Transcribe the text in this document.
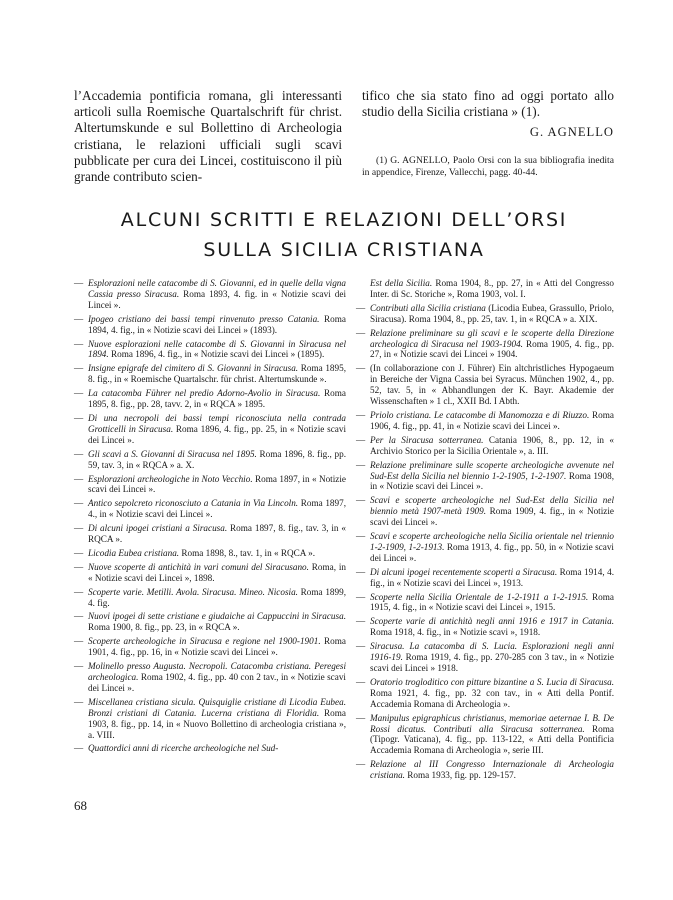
l’Accademia pontificia romana, gli interessanti articoli sulla Roemische Quartalschrift für christ. Altertumskunde e sul Bollettino di Archeologia cristiana, le relazioni ufficiali sugli scavi pubblicate per cura dei Lincei, costituiscono il più grande contributo scien-

tifico che sia stato fino ad oggi portato allo studio della Sicilia cristiana » (1).

G. AGNELLO

(1) G. AGNELLO, Paolo Orsi con la sua bibliografia inedita in appendice, Firenze, Vallecchi, pagg. 40-44.

ALCUNI SCRITTI E RELAZIONI DELL’ORSI
SULLA SICILIA CRISTIANA

— Esplorazioni nelle catacombe di S. Giovanni, ed in quelle della vigna Cassia presso Siracusa. Roma 1893, 4. fig. in « Notizie scavi dei Lincei ».

— Ipogeo cristiano dei bassi tempi rinvenuto presso Catania. Roma 1894, 4. fig., in « Notizie scavi dei Lincei » (1893).

— Nuove esplorazioni nelle catacombe di S. Giovanni in Siracusa nel 1894. Roma 1896, 4. fig., in « Notizie scavi dei Lincei » (1895).

— Insigne epigrafe del cimitero di S. Giovanni in Siracusa. Roma 1895, 8. fig., in « Roemische Quartalschr. für christ. Altertumskunde ».

— La catacomba Führer nel predio Adorno-Avolio in Siracusa. Roma 1895, 8. fig., pp. 28, tavv. 2, in « RQCA » 1895.

— Di una necropoli dei bassi tempi riconosciuta nella contrada Grotticelli in Siracusa. Roma 1896, 4. fig., pp. 25, in « Notizie scavi dei Lincei ».

— Gli scavi a S. Giovanni di Siracusa nel 1895. Roma 1896, 8. fig., pp. 59, tav. 3, in « RQCA » a. X.

— Esplorazioni archeologiche in Noto Vecchio. Roma 1897, in « Notizie scavi dei Lincei ».

— Antico sepolcreto riconosciuto a Catania in Via Lincoln. Roma 1897, 4., in « Notizie scavi dei Lincei ».

— Di alcuni ipogei cristiani a Siracusa. Roma 1897, 8. fig., tav. 3, in « RQCA ».

— Licodia Eubea cristiana. Roma 1898, 8., tav. 1, in « RQCA ».

— Nuove scoperte di antichità in vari comuni del Siracusano. Roma, in « Notizie scavi dei Lincei », 1898.

— Scoperte varie. Metilli. Avola. Siracusa. Mineo. Nicosia. Roma 1899, 4. fig.

— Nuovi ipogei di sette cristiane e giudaiche ai Cappuccini in Siracusa. Roma 1900, 8. fig., pp. 23, in « RQCA ».

— Scoperte archeologiche in Siracusa e regione nel 1900-1901. Roma 1901, 4. fig., pp. 16, in « Notizie scavi dei Lincei ».

— Molinello presso Augusta. Necropoli. Catacomba cristiana. Peregesi archeologica. Roma 1902, 4. fig., pp. 40 con 2 tav., in « Notizie scavi dei Lincei ».

— Miscellanea cristiana sicula. Quisquiglie cristiane di Licodia Eubea. Bronzi cristiani di Catania. Lucerna cristiana di Floridia. Roma 1903, 8. fig., pp. 14, in « Nuovo Bollettino di archeologia cristiana », a. VIII.

— Quattordici anni di ricerche archeologiche nel Sud-

Est della Sicilia. Roma 1904, 8., pp. 27, in « Atti del Congresso Inter. di Sc. Storiche », Roma 1903, vol. I.

— Contributi alla Sicilia cristiana (Licodia Eubea, Grassullo, Priolo, Siracusa). Roma 1904, 8., pp. 25, tav. 1, in « RQCA » a. XIX.

— Relazione preliminare su gli scavi e le scoperte della Direzione archeologica di Siracusa nel 1903-1904. Roma 1905, 4. fig., pp. 27, in « Notizie scavi dei Lincei » 1904.

— (In collaborazione con J. Führer) Ein altchristliches Hypogaeum in Bereiche der Vigna Cassia bei Syracus. München 1902, 4., pp. 52, tav. 5, in « Abhandlungen der K. Bayr. Akademie der Wissenschaften » 1 cl., XXII Bd. I Abth.

— Priolo cristiana. Le catacombe di Manomozza e di Riuzzo. Roma 1906, 4. fig., pp. 41, in « Notizie scavi dei Lincei ».

— Per la Siracusa sotterranea. Catania 1906, 8., pp. 12, in « Archivio Storico per la Sicilia Orientale », a. III.

— Relazione preliminare sulle scoperte archeologiche avvenute nel Sud-Est della Sicilia nel biennio 1-2-1905, 1-2-1907. Roma 1908, in « Notizie scavi dei Lincei ».

— Scavi e scoperte archeologiche nel Sud-Est della Sicilia nel biennio metà 1907-metà 1909. Roma 1909, 4. fig., in « Notizie scavi dei Lincei ».

— Scavi e scoperte archeologiche nella Sicilia orientale nel triennio 1-2-1909, 1-2-1913. Roma 1913, 4. fig., pp. 50, in « Notizie scavi dei Lincei ».

— Di alcuni ipogei recentemente scoperti a Siracusa. Roma 1914, 4. fig., in « Notizie scavi dei Lincei », 1913.

— Scoperte nella Sicilia Orientale de 1-2-1911 a 1-2-1915. Roma 1915, 4. fig., in « Notizie scavi dei Lincei », 1915.

— Scoperte varie di antichità negli anni 1916 e 1917 in Catania. Roma 1918, 4. fig., in « Notizie scavi », 1918.

— Siracusa. La catacomba di S. Lucia. Esplorazioni negli anni 1916-19. Roma 1919, 4. fig., pp. 270-285 con 3 tav., in « Notizie scavi dei Lincei » 1918.

— Oratorio trogloditico con pitture bizantine a S. Lucia di Siracusa. Roma 1921, 4. fig., pp. 32 con tav., in « Atti della Pontif. Accademia Romana di Archeologia ».

— Manipulus epigraphicus christianus, memoriae aeternae I. B. De Rossi dicatus. Contributi alla Siracusa sotterranea. Roma (Tipogr. Vaticana), 4. fig., pp. 113-122, « Atti della Pontificia Accademia Romana di Archeologia », serie III.

— Relazione al III Congresso Internazionale di Archeologia cristiana. Roma 1933, fig. pp. 129-157.

68
